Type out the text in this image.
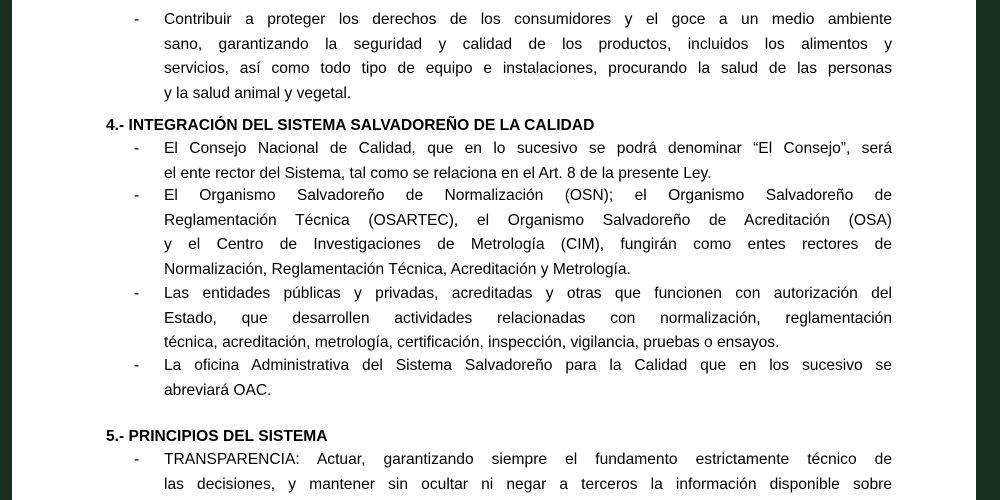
-	Contribuir a proteger los derechos de los consumidores y el goce a un medio ambiente
sano, garantizando la seguridad y calidad de los productos, incluidos los alimentos y
servicios, así como todo tipo de equipo e instalaciones, procurando la salud de las personas
y la salud animal y vegetal.
4.- INTEGRACIÓN DEL SISTEMA SALVADOREÑO DE LA CALIDAD
-	El Consejo Nacional de Calidad, que en lo sucesivo se podrá denominar “El Consejo”, será
el ente rector del Sistema, tal como se relaciona en el Art. 8 de la presente Ley.
-	El Organismo Salvadoreño de Normalización (OSN); el Organismo Salvadoreño de
Reglamentación Técnica (OSARTEC), el Organismo Salvadoreño de Acreditación (OSA)
y el Centro de Investigaciones de Metrología (CIM), fungirán como entes rectores de
Normalización, Reglamentación Técnica, Acreditación y Metrología.
-	Las entidades públicas y privadas, acreditadas y otras que funcionen con autorización del
Estado, que desarrollen actividades relacionadas con normalización, reglamentación
técnica, acreditación, metrología, certificación, inspección, vigilancia, pruebas o ensayos.
-	La oficina Administrativa del Sistema Salvadoreño para la Calidad que en los sucesivo se
abreviará OAC.
5.- PRINCIPIOS DEL SISTEMA
-	TRANSPARENCIA: Actuar, garantizando siempre el fundamento estrictamente técnico de
las decisiones, y mantener sin ocultar ni negar a terceros la información disponible sobre
